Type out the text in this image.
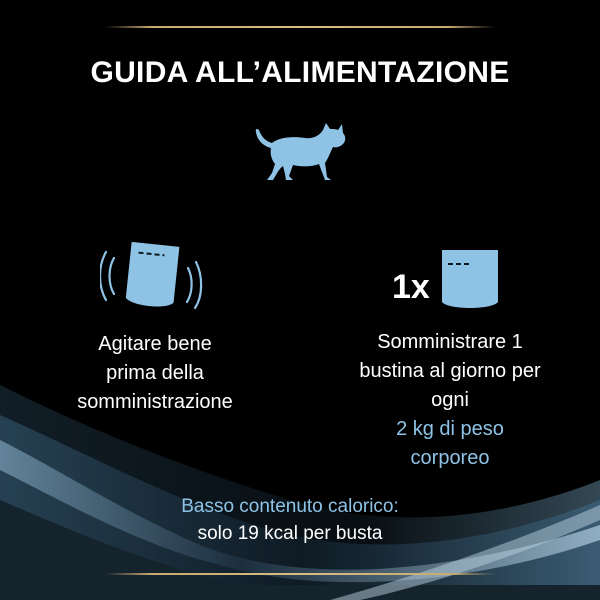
GUIDA ALL’ALIMENTAZIONE
1x
Agitare bene
prima della
somministrazione
Somministrare 1
bustina al giorno per
ogni
2 kg di peso
corporeo
Basso contenuto calorico:
solo 19 kcal per busta
